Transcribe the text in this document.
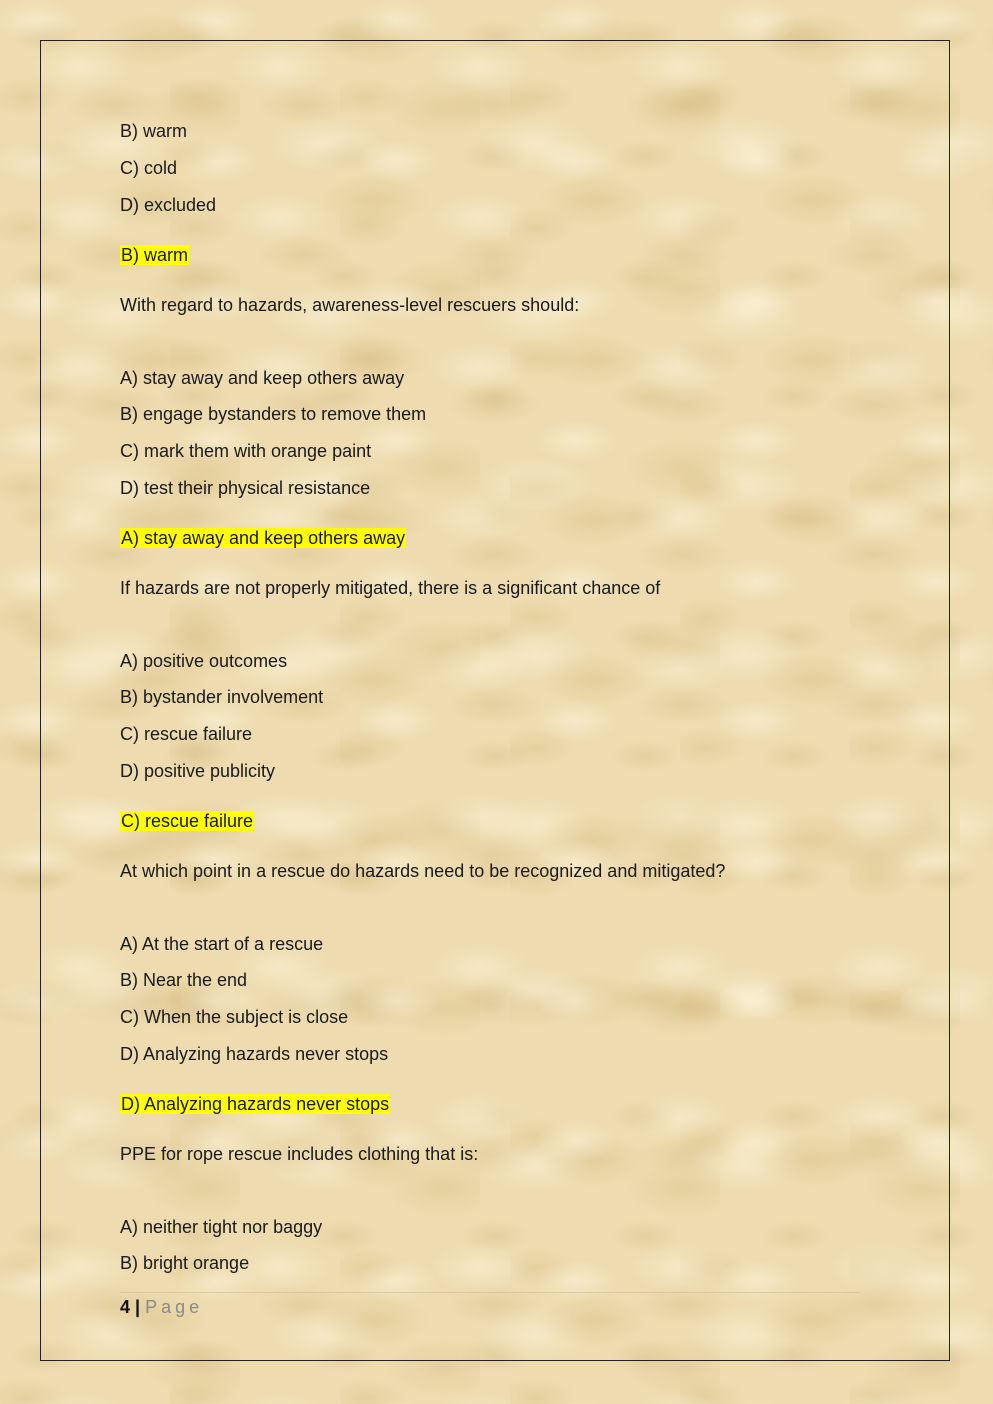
B) warm
C) cold
D) excluded
B) warm
With regard to hazards, awareness-level rescuers should:
A) stay away and keep others away
B) engage bystanders to remove them
C) mark them with orange paint
D) test their physical resistance
A) stay away and keep others away
If hazards are not properly mitigated, there is a significant chance of
A) positive outcomes
B) bystander involvement
C) rescue failure
D) positive publicity
C) rescue failure
At which point in a rescue do hazards need to be recognized and mitigated?
A) At the start of a rescue
B) Near the end
C) When the subject is close
D) Analyzing hazards never stops
D) Analyzing hazards never stops
PPE for rope rescue includes clothing that is:
A) neither tight nor baggy
B) bright orange
4 | Page
